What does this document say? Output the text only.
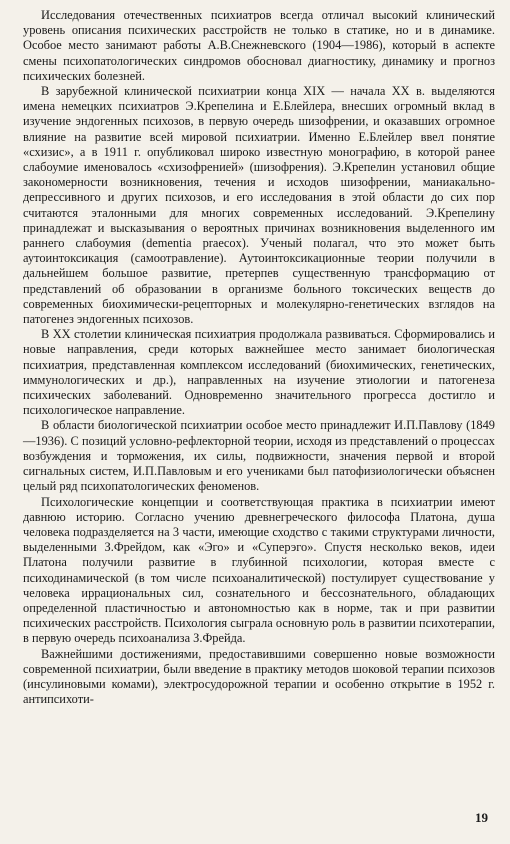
Исследования отечественных психиатров всегда отличал высокий клинический уровень описания психических расстройств не только в статике, но и в динамике. Особое место занимают работы А.В.Снежневского (1904—1986), который в аспекте смены психопатологических синдромов обосновал диагностику, динамику и прогноз психических болезней.

В зарубежной клинической психиатрии конца XIX — начала XX в. выделяются имена немецких психиатров Э.Крепелина и Е.Блейлера, внесших огромный вклад в изучение эндогенных психозов, в первую очередь шизофрении, и оказавших огромное влияние на развитие всей мировой психиатрии. Именно Е.Блейлер ввел понятие «схизис», а в 1911 г. опубликовал широко известную монографию, в которой ранее слабоумие именовалось «схизофренией» (шизофрения). Э.Крепелин установил общие закономерности возникновения, течения и исходов шизофрении, маниакально-депрессивного и других психозов, и его исследования в этой области до сих пор считаются эталонными для многих современных исследований. Э.Крепелину принадлежат и высказывания о вероятных причинах возникновения выделенного им раннего слабоумия (dementia praecox). Ученый полагал, что это может быть аутоинтоксикация (самоотравление). Аутоинтоксикационные теории получили в дальнейшем большое развитие, претерпев существенную трансформацию от представлений об образовании в организме больного токсических веществ до современных биохимически-рецепторных и молекулярно-генетических взглядов на патогенез эндогенных психозов.

В XX столетии клиническая психиатрия продолжала развиваться. Сформировались и новые направления, среди которых важнейшее место занимает биологическая психиатрия, представленная комплексом исследований (биохимических, генетических, иммунологических и др.), направленных на изучение этиологии и патогенеза психических заболеваний. Одновременно значительного прогресса достигло и психологическое направление.

В области биологической психиатрии особое место принадлежит И.П.Павлову (1849—1936). С позиций условно-рефлекторной теории, исходя из представлений о процессах возбуждения и торможения, их силы, подвижности, значения первой и второй сигнальных систем, И.П.Павловым и его учениками был патофизиологически объяснен целый ряд психопатологических феноменов.

Психологические концепции и соответствующая практика в психиатрии имеют давнюю историю. Согласно учению древнегреческого философа Платона, душа человека подразделяется на 3 части, имеющие сходство с такими структурами личности, выделенными З.Фрейдом, как «Эго» и «Суперэго». Спустя несколько веков, идеи Платона получили развитие в глубинной психологии, которая вместе с психодинамической (в том числе психоаналитической) постулирует существование у человека иррациональных сил, сознательного и бессознательного, обладающих определенной пластичностью и автономностью как в норме, так и при развитии психических расстройств. Психология сыграла основную роль в развитии психотерапии, в первую очередь психоанализа З.Фрейда.

Важнейшими достижениями, предоставившими совершенно новые возможности современной психиатрии, были введение в практику методов шоковой терапии психозов (инсулиновыми комами), электросудорожной терапии и особенно открытие в 1952 г. антипсихоти-

19
